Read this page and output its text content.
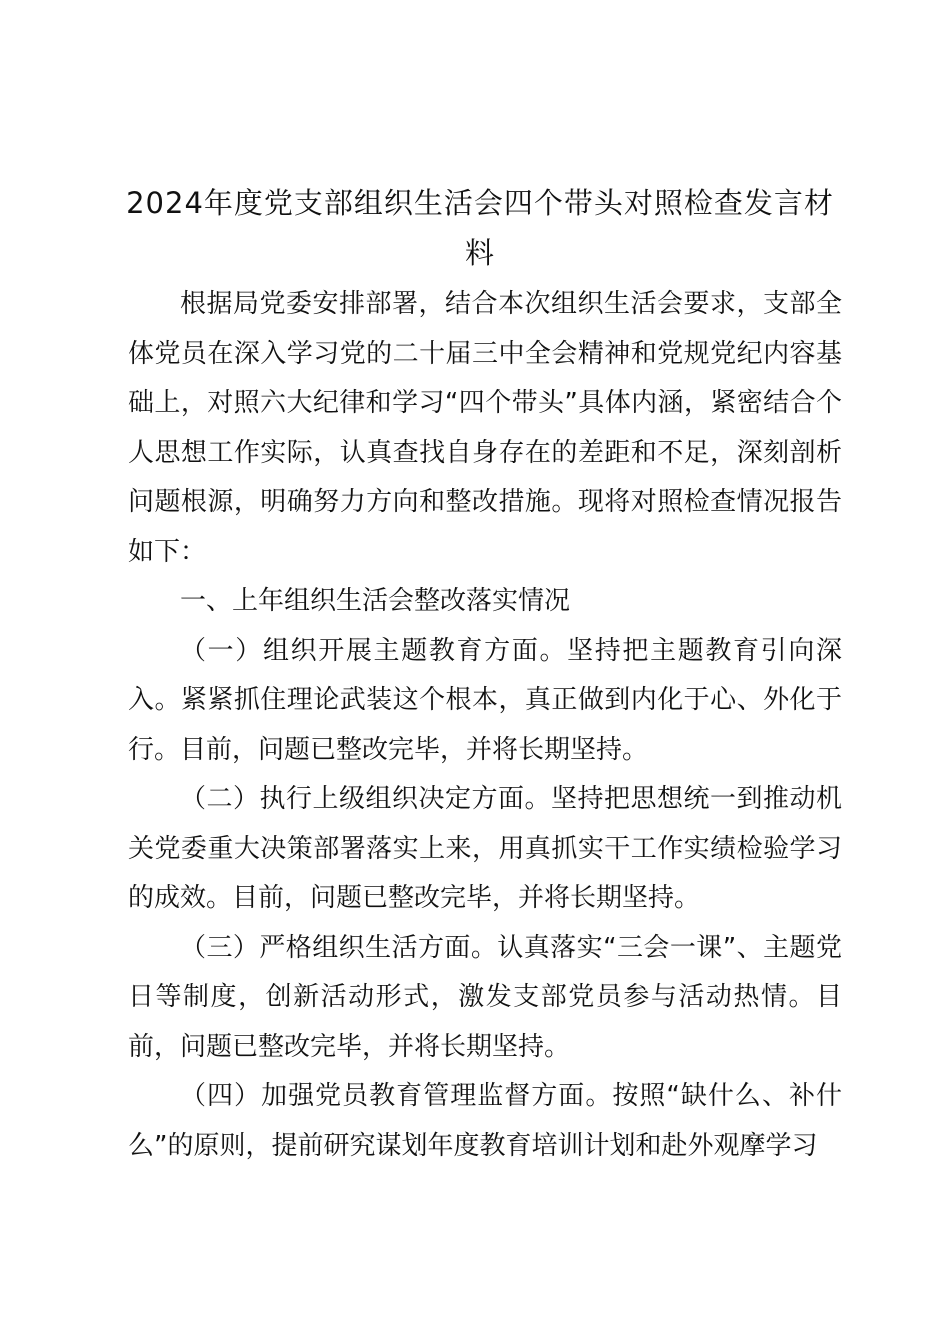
2024年度党支部组织生活会四个带头对照检查发言材料

根据局党委安排部署，结合本次组织生活会要求，支部全体党员在深入学习党的二十届三中全会精神和党规党纪内容基础上，对照六大纪律和学习“四个带头”具体内涵，紧密结合个人思想工作实际，认真查找自身存在的差距和不足，深刻剖析问题根源，明确努力方向和整改措施。现将对照检查情况报告如下：

一、上年组织生活会整改落实情况

（一）组织开展主题教育方面。坚持把主题教育引向深入。紧紧抓住理论武装这个根本，真正做到内化于心、外化于行。目前，问题已整改完毕，并将长期坚持。

（二）执行上级组织决定方面。坚持把思想统一到推动机关党委重大决策部署落实上来，用真抓实干工作实绩检验学习的成效。目前，问题已整改完毕，并将长期坚持。

（三）严格组织生活方面。认真落实“三会一课”、主题党日等制度，创新活动形式，激发支部党员参与活动热情。目前，问题已整改完毕，并将长期坚持。

（四）加强党员教育管理监督方面。按照“缺什么、补什么”的原则，提前研究谋划年度教育培训计划和赴外观摩学习
